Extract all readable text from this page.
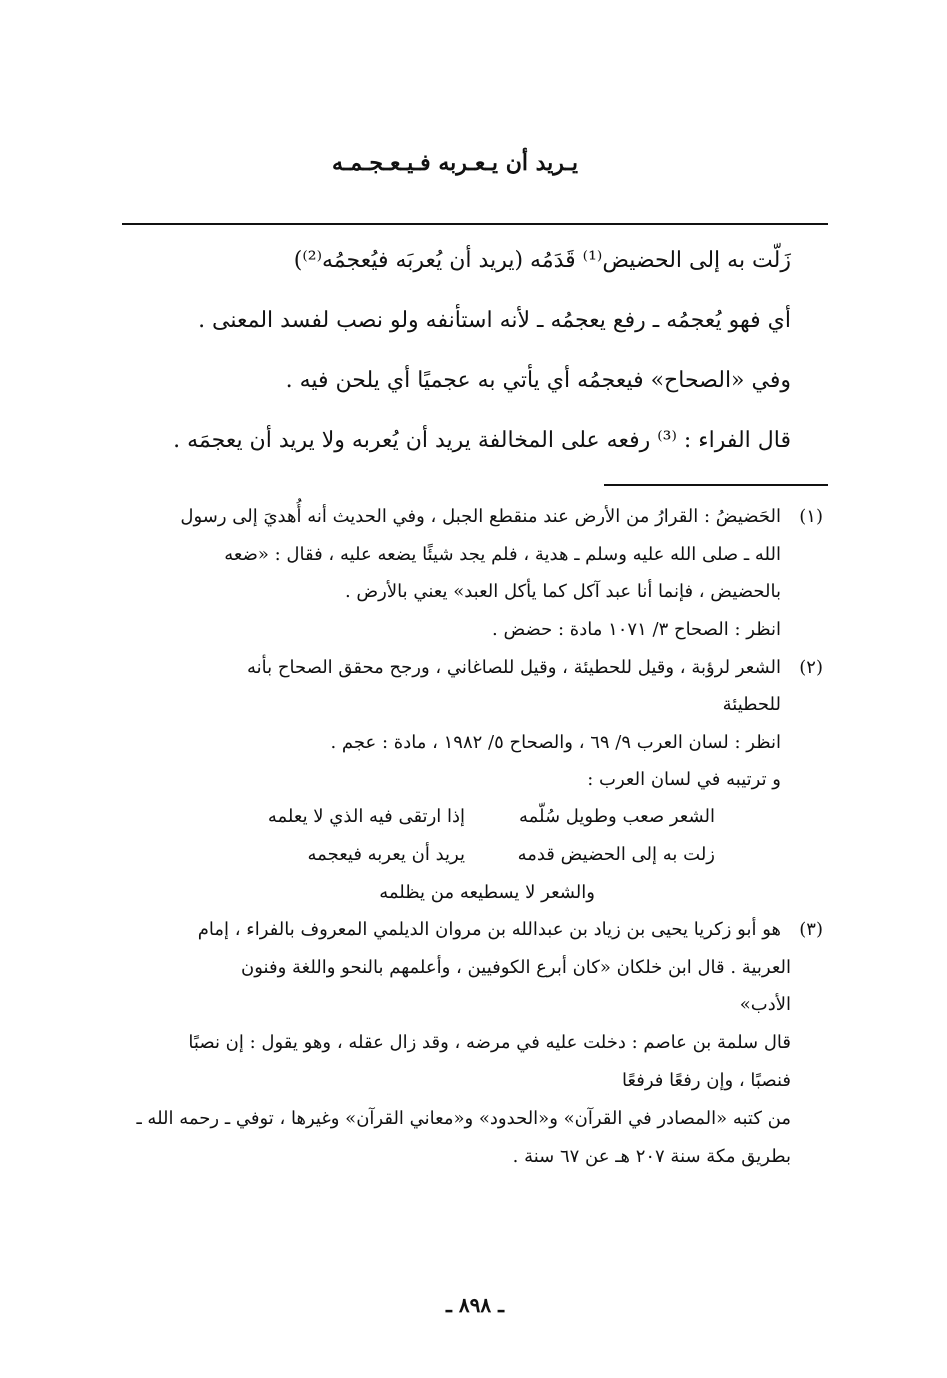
يـريد أن يـعـربه فـيـعـجـمـه
زَلّت به إلى الحضيض⁽¹⁾ قَدَمُه (يريد أن يُعربَه فيُعجمُه⁽²⁾)
أي فهو يُعجمُه ـ رفع يعجمُه ـ لأنه استأنفه ولو نصب لفسد المعنى .
وفي «الصحاح» فيعجمُه أي يأتي به عجميًا أي يلحن فيه .
قال الفراء : ⁽³⁾ رفعه على المخالفة يريد أن يُعربه ولا يريد أن يعجمَه .
(١)
الحَضيضُ : القرارُ من الأرض عند منقطع الجبل ، وفي الحديث أنه أُهديَ إلى رسول
الله ـ صلى الله عليه وسلم ـ هدية ، فلم يجد شيئًا يضعه عليه ، فقال : «ضعه
بالحضيض ، فإنما أنا عبد آكل كما يأكل العبد» يعني بالأرض .
انظر : الصحاح ٣/ ١٠٧١ مادة : حضض .
(٢)
الشعر لرؤبة ، وقيل للحطيئة ، وقيل للصاغاني ، ورجح محقق الصحاح بأنه
للحطيئة
انظر : لسان العرب ٩/ ٦٩ ، والصحاح ٥/ ١٩٨٢ ، مادة : عجم .
و ترتيبه في لسان العرب :
الشعر صعب وطويل سُلّمه
إذا ارتقى فيه الذي لا يعلمه
زلت به إلى الحضيض قدمه
يريد أن يعربه فيعجمه
والشعر لا يسطيعه من يظلمه
(٣)
هو أبو زكريا يحيى بن زياد بن عبدالله بن مروان الديلمي المعروف بالفراء ، إمام
العربية . قال ابن خلكان «كان أبرع الكوفيين ، وأعلمهم بالنحو واللغة وفنون
الأدب»
قال سلمة بن عاصم : دخلت عليه في مرضه ، وقد زال عقله ، وهو يقول : إن نصبًا
فنصبًا ، وإن رفعًا فرفعًا
من كتبه «المصادر في القرآن» و«الحدود» و«معاني القرآن» وغيرها ، توفي ـ رحمه الله ـ
بطريق مكة سنة ٢٠٧ هـ عن ٦٧ سنة .
ـ ٨٩٨ ـ
